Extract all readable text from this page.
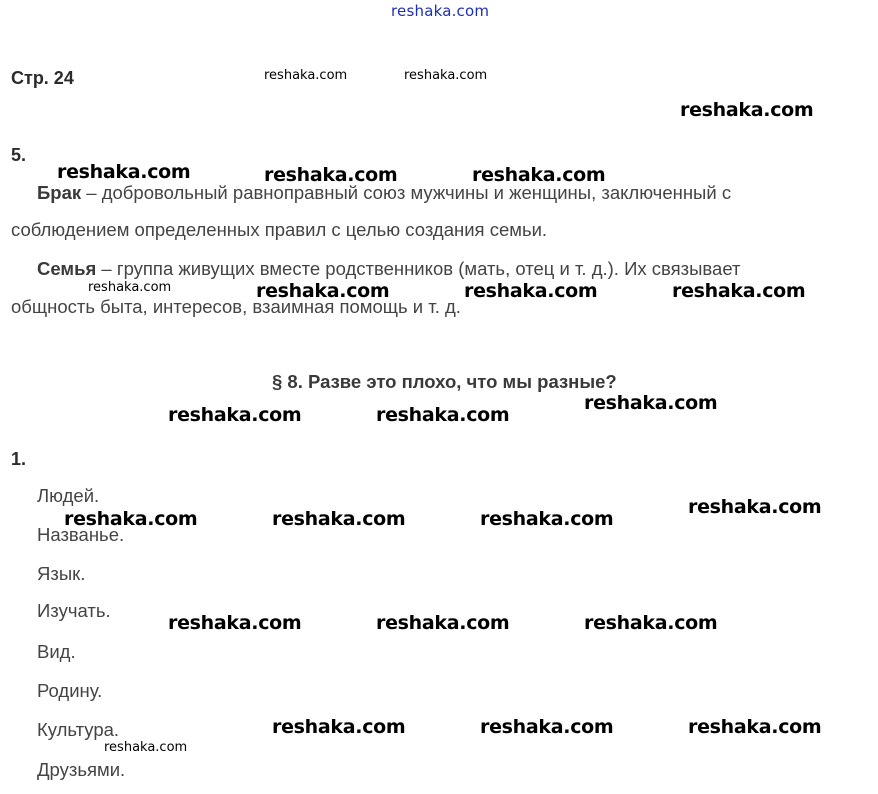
reshaka.com
Стр. 24
5.
Брак – добровольный равноправный союз мужчины и женщины, заключенный с
соблюдением определенных правил с целью создания семьи.
Семья – группа живущих вместе родственников (мать, отец и т. д.). Их связывает
общность быта, интересов, взаимная помощь и т. д.
§ 8. Разве это плохо, что мы разные?
1.
Людей.
Названье.
Язык.
Изучать.
Вид.
Родину.
Культура.
Друзьями.
reshaka.com	reshaka.com
reshaka.com
reshaka.com	reshaka.com	reshaka.com
reshaka.com	reshaka.com	reshaka.com	reshaka.com
reshaka.com
reshaka.com	reshaka.com
reshaka.com
reshaka.com	reshaka.com	reshaka.com
reshaka.com	reshaka.com	reshaka.com
reshaka.com	reshaka.com	reshaka.com
reshaka.com
